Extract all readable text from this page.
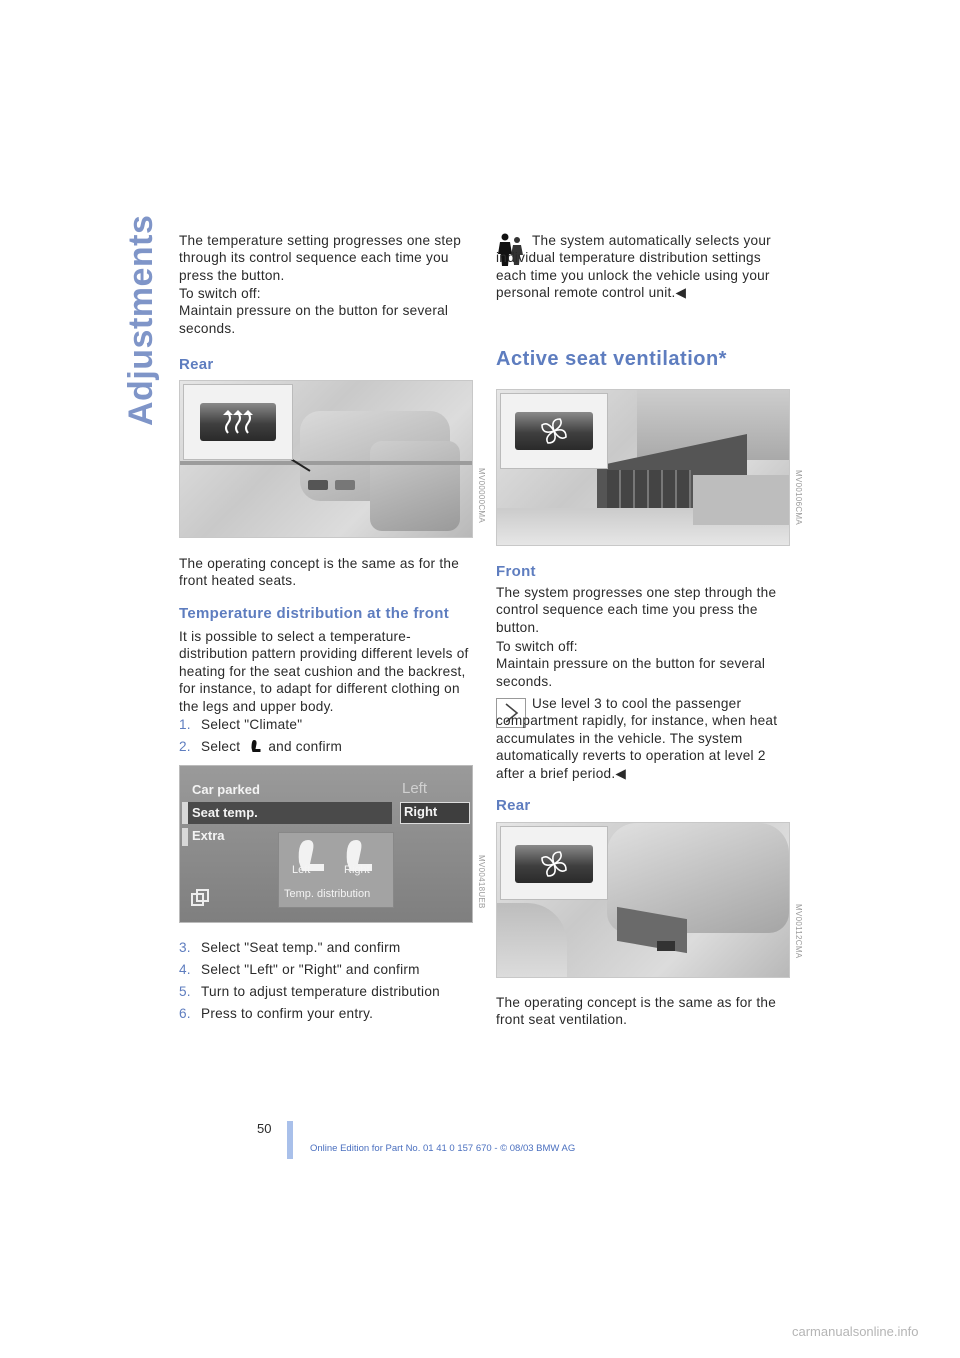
Adjustments The temperature setting progresses one step through its control sequence each time you press the button.

To switch off:
Maintain pressure on the button for several seconds.

Rear
MV00000CMA

The operating concept is the same as for the front heated seats.

Temperature distribution at the front

It is possible to select a temperature-distribution pattern providing different levels of heating for the seat cushion and the backrest, for instance, to adapt for different clothing on the legs and upper body.

1. Select "Climate"
2. Select and confirm
Car parked
Seat temp.
Extra
Left
Right
Left	Right
Temp. distribution	MV00418UEB
3. Select "Seat temp." and confirm
4. Select "Left" or "Right" and confirm
5. Turn to adjust temperature distribution
6. Press to confirm your entry.

The system automatically selects your individual temperature distribution settings each time you unlock the vehicle using your personal remote control unit.◀

Active seat ventilation*
MV00106CMA
Front

The system progresses one step through the control sequence each time you press the button.

To switch off:
Maintain pressure on the button for several seconds.

Use level 3 to cool the passenger compartment rapidly, for instance, when heat accumulates in the vehicle. The system automatically reverts to operation at level 2 after a brief period.◀

Rear
MV00112CMA

The operating concept is the same as for the front seat ventilation.

50
Online Edition for Part No. 01 41 0 157 670 - © 08/03 BMW AG
carmanualsonline.info
